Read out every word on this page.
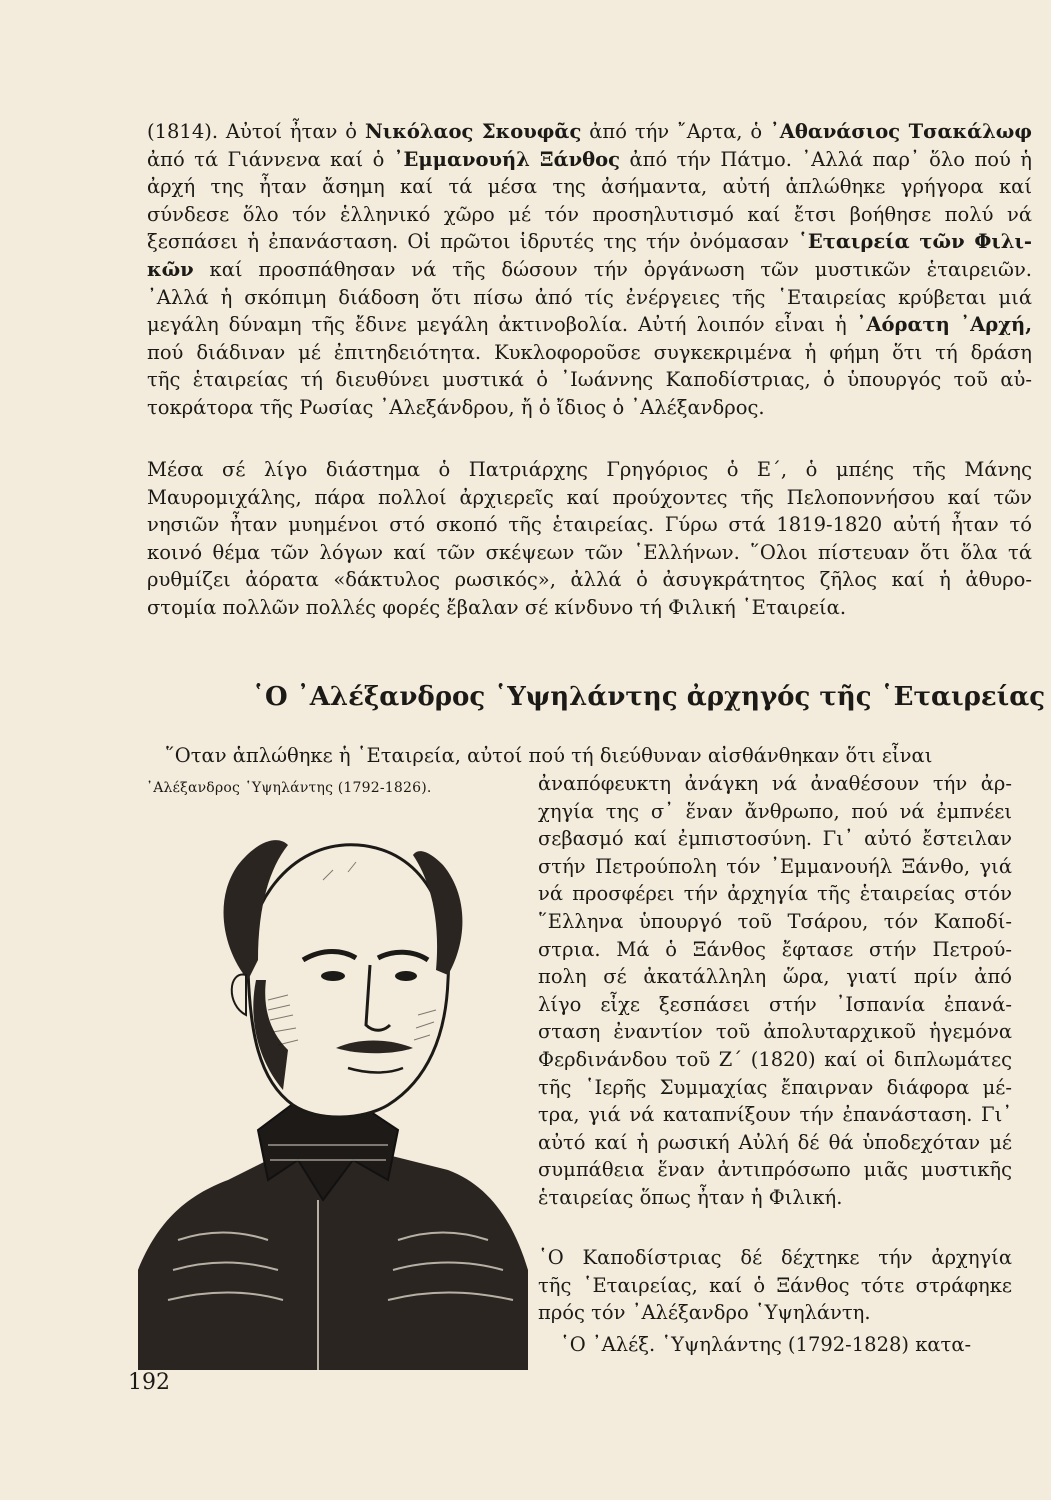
(1814). Αὐτοί ἦταν ὁ Νικόλαος Σκουφᾶς ἀπό τήν ῎Αρτα, ὁ ᾿Αθανάσιος Τσακάλωφ
ἀπό τά Γιάννενα καί ὁ ᾿Εμμανουήλ Ξάνθος ἀπό τήν Πάτμο. ᾿Αλλά παρ᾿ ὅλο πού ἡ
ἀρχή της ἦταν ἄσημη καί τά μέσα της ἀσήμαντα, αὐτή ἁπλώθηκε γρήγορα καί
σύνδεσε ὅλο τόν ἑλληνικό χῶρο μέ τόν προσηλυτισμό καί ἔτσι βοήθησε πολύ νά
ξεσπάσει ἡ ἐπανάσταση. Οἱ πρῶτοι ἱδρυτές της τήν ὀνόμασαν ῾Εταιρεία τῶν Φιλι-
κῶν καί προσπάθησαν νά τῆς δώσουν τήν ὀργάνωση τῶν μυστικῶν ἑταιρειῶν.
᾿Αλλά ἡ σκόπιμη διάδοση ὅτι πίσω ἀπό τίς ἐνέργειες τῆς ῾Εταιρείας κρύβεται μιά
μεγάλη δύναμη τῆς ἔδινε μεγάλη ἀκτινοβολία. Αὐτή λοιπόν εἶναι ἡ ᾿Αόρατη ᾿Αρχή,
πού διάδιναν μέ ἐπιτηδειότητα. Κυκλοφοροῦσε συγκεκριμένα ἡ φήμη ὅτι τή δράση
τῆς ἑταιρείας τή διευθύνει μυστικά ὁ ᾿Ιωάννης Καποδίστριας, ὁ ὑπουργός τοῦ αὐ-
τοκράτορα τῆς Ρωσίας ᾿Αλεξάνδρου, ἤ ὁ ἴδιος ὁ ᾿Αλέξανδρος.

Μέσα σέ λίγο διάστημα ὁ Πατριάρχης Γρηγόριος ὁ Ε΄, ὁ μπέης τῆς Μάνης
Μαυρομιχάλης, πάρα πολλοί ἀρχιερεῖς καί προύχοντες τῆς Πελοποννήσου καί τῶν
νησιῶν ἦταν μυημένοι στό σκοπό τῆς ἑταιρείας. Γύρω στά 1819-1820 αὐτή ἦταν τό
κοινό θέμα τῶν λόγων καί τῶν σκέψεων τῶν ῾Ελλήνων. ῞Ολοι πίστευαν ὅτι ὅλα τά
ρυθμίζει ἀόρατα «δάκτυλος ρωσικός», ἀλλά ὁ ἀσυγκράτητος ζῆλος καί ἡ ἀθυρο-
στομία πολλῶν πολλές φορές ἔβαλαν σέ κίνδυνο τή Φιλική ῾Εταιρεία.

῾Ο ᾿Αλέξανδρος ῾Υψηλάντης ἀρχηγός τῆς ῾Εταιρείας

῞Οταν ἁπλώθηκε ἡ ῾Εταιρεία, αὐτοί πού τή διεύθυναν αἰσθάνθηκαν ὅτι εἶναι

᾿Αλέξανδρος ῾Υψηλάντης (1792-1826).	ἀναπόφευκτη ἀνάγκη νά ἀναθέσουν τήν ἀρ-
χηγία της σ᾿ ἕναν ἄνθρωπο, πού νά ἐμπνέει
σεβασμό καί ἐμπιστοσύνη. Γι᾿ αὐτό ἔστειλαν
στήν Πετρούπολη τόν ᾿Εμμανουήλ Ξάνθο, γιά
νά προσφέρει τήν ἀρχηγία τῆς ἑταιρείας στόν
῞Ελληνα ὑπουργό τοῦ Τσάρου, τόν Καποδί-
στρια. Μά ὁ Ξάνθος ἔφτασε στήν Πετρού-
πολη σέ ἀκατάλληλη ὥρα, γιατί πρίν ἀπό
λίγο εἶχε ξεσπάσει στήν ᾿Ισπανία ἐπανά-
σταση ἐναντίον τοῦ ἀπολυταρχικοῦ ἡγεμόνα
Φερδινάνδου τοῦ Ζ΄ (1820) καί οἱ διπλωμάτες
τῆς ῾Ιερῆς Συμμαχίας ἔπαιρναν διάφορα μέ-
τρα, γιά νά καταπνίξουν τήν ἐπανάσταση. Γι᾿
αὐτό καί ἡ ρωσική Αὐλή δέ θά ὑποδεχόταν μέ
συμπάθεια ἕναν ἀντιπρόσωπο μιᾶς μυστικῆς
ἑταιρείας ὅπως ἦταν ἡ Φιλική.

῾Ο Καποδίστριας δέ δέχτηκε τήν ἀρχηγία
τῆς ῾Εταιρείας, καί ὁ Ξάνθος τότε στράφηκε
πρός τόν ᾿Αλέξανδρο ῾Υψηλάντη.

῾Ο ᾿Αλέξ. ῾Υψηλάντης (1792-1828) κατα-

192
